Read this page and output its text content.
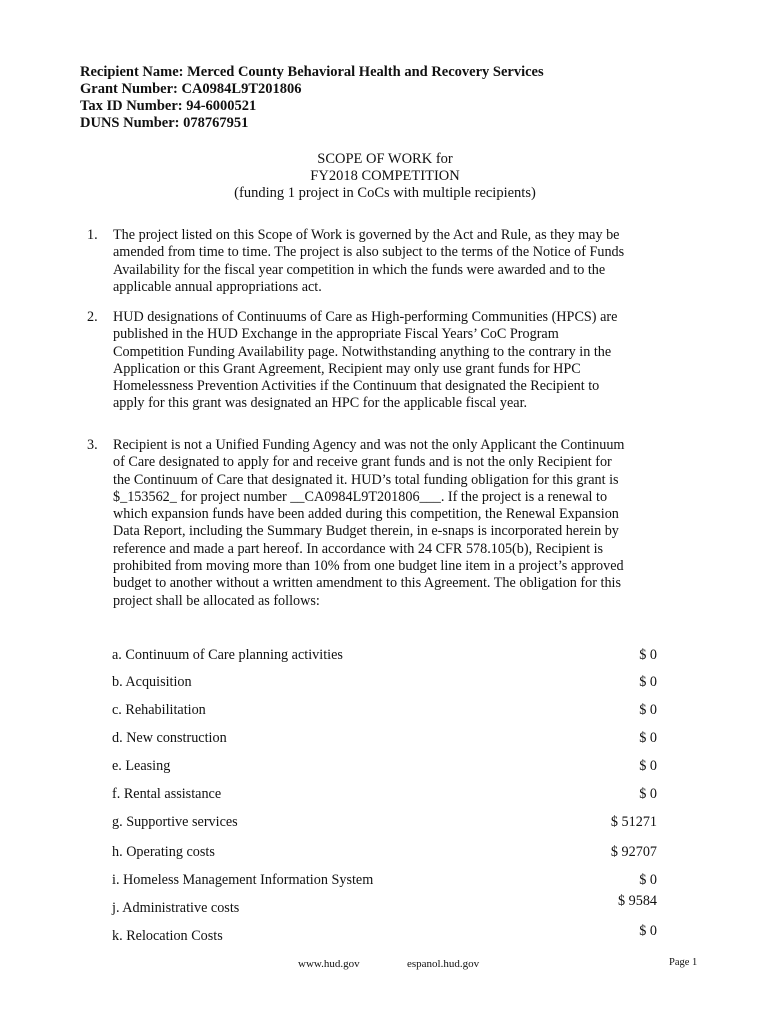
Recipient Name: Merced County Behavioral Health and Recovery Services
Grant Number: CA0984L9T201806
Tax ID Number: 94-6000521
DUNS Number: 078767951
SCOPE OF WORK for
FY2018 COMPETITION
(funding 1 project in CoCs with multiple recipients)
1. The project listed on this Scope of Work is governed by the Act and Rule, as they may be
amended from time to time. The project is also subject to the terms of the Notice of Funds
Availability for the fiscal year competition in which the funds were awarded and to the
applicable annual appropriations act.
2. HUD designations of Continuums of Care as High-performing Communities (HPCS) are
published in the HUD Exchange in the appropriate Fiscal Years’ CoC Program
Competition Funding Availability page. Notwithstanding anything to the contrary in the
Application or this Grant Agreement, Recipient may only use grant funds for HPC
Homelessness Prevention Activities if the Continuum that designated the Recipient to
apply for this grant was designated an HPC for the applicable fiscal year.
3. Recipient is not a Unified Funding Agency and was not the only Applicant the Continuum
of Care designated to apply for and receive grant funds and is not the only Recipient for
the Continuum of Care that designated it. HUD’s total funding obligation for this grant is
$_153562_ for project number __CA0984L9T201806___. If the project is a renewal to
which expansion funds have been added during this competition, the Renewal Expansion
Data Report, including the Summary Budget therein, in e-snaps is incorporated herein by
reference and made a part hereof. In accordance with 24 CFR 578.105(b), Recipient is
prohibited from moving more than 10% from one budget line item in a project’s approved
budget to another without a written amendment to this Agreement. The obligation for this
project shall be allocated as follows:
a. Continuum of Care planning activities	$ 0
b. Acquisition	$ 0
c. Rehabilitation	$ 0
d. New construction	$ 0
e. Leasing	$ 0
f. Rental assistance	$ 0
g. Supportive services	$ 51271
h. Operating costs	$ 92707
i. Homeless Management Information System	$ 0
j. Administrative costs	$ 9584
k. Relocation Costs	$ 0
www.hud.gov	espanol.hud.gov	Page 1
